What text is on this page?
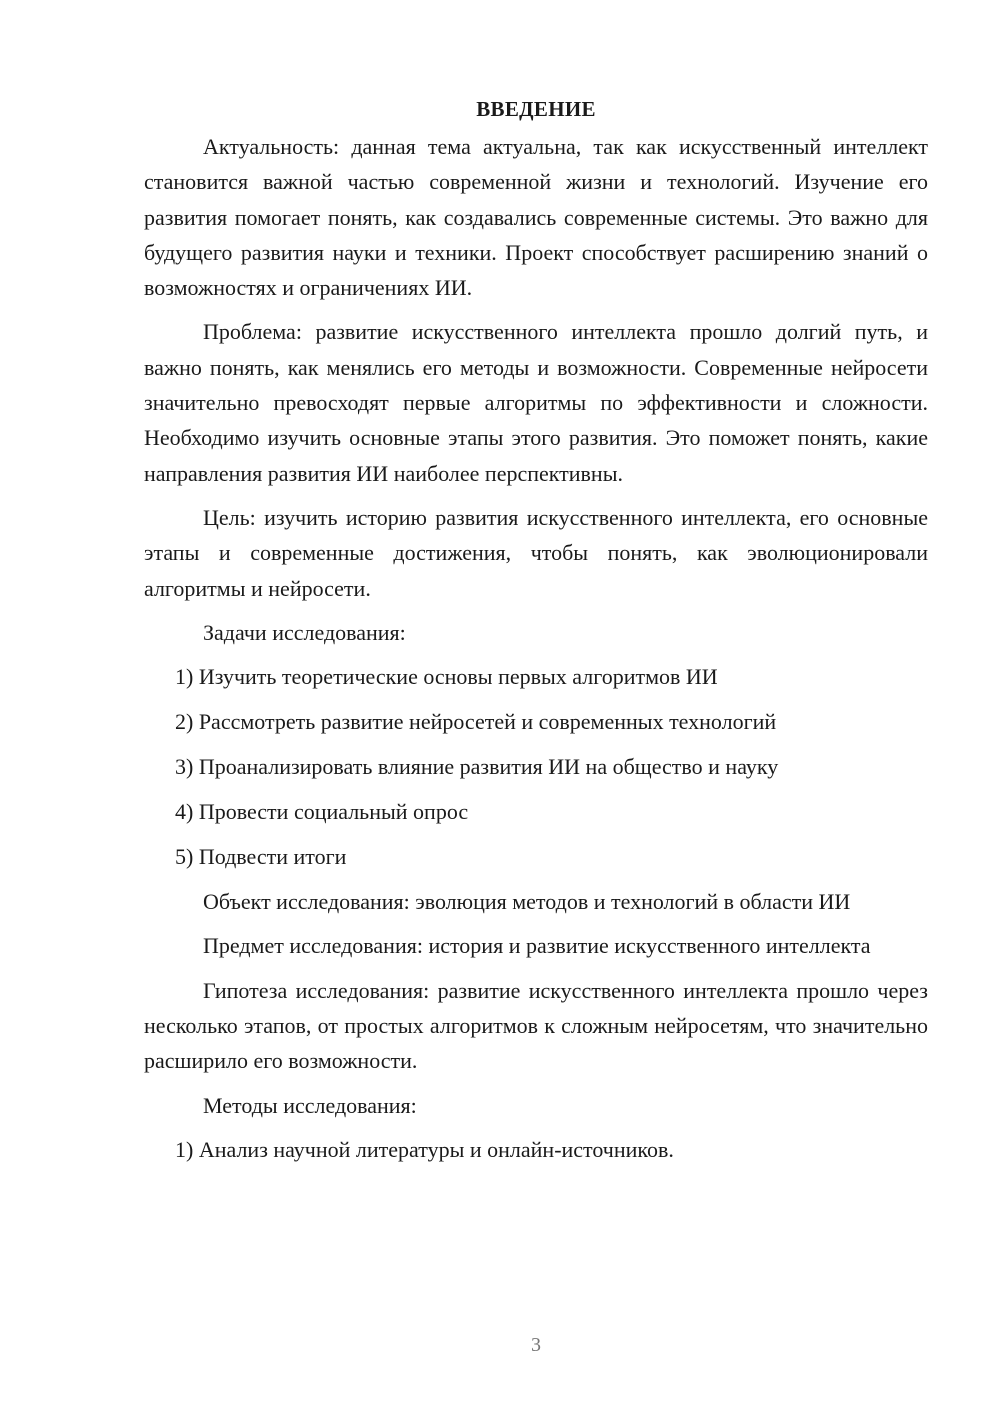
ВВЕДЕНИЕ

Актуальность: данная тема актуальна, так как искусственный интеллект становится важной частью современной жизни и технологий. Изучение его развития помогает понять, как создавались современные системы. Это важно для будущего развития науки и техники. Проект способствует расширению знаний о возможностях и ограничениях ИИ.

Проблема: развитие искусственного интеллекта прошло долгий путь, и важно понять, как менялись его методы и возможности. Современные нейросети значительно превосходят первые алгоритмы по эффективности и сложности. Необходимо изучить основные этапы этого развития. Это поможет понять, какие направления развития ИИ наиболее перспективны.

Цель: изучить историю развития искусственного интеллекта, его основные этапы и современные достижения, чтобы понять, как эволюционировали алгоритмы и нейросети.

Задачи исследования:

1) Изучить теоретические основы первых алгоритмов ИИ
2) Рассмотреть развитие нейросетей и современных технологий
3) Проанализировать влияние развития ИИ на общество и науку
4) Провести социальный опрос
5) Подвести итоги

Объект исследования: эволюция методов и технологий в области ИИ

Предмет исследования: история и развитие искусственного интеллекта

Гипотеза исследования: развитие искусственного интеллекта прошло через несколько этапов, от простых алгоритмов к сложным нейросетям, что значительно расширило его возможности.

Методы исследования:

1) Анализ научной литературы и онлайн-источников.
3
